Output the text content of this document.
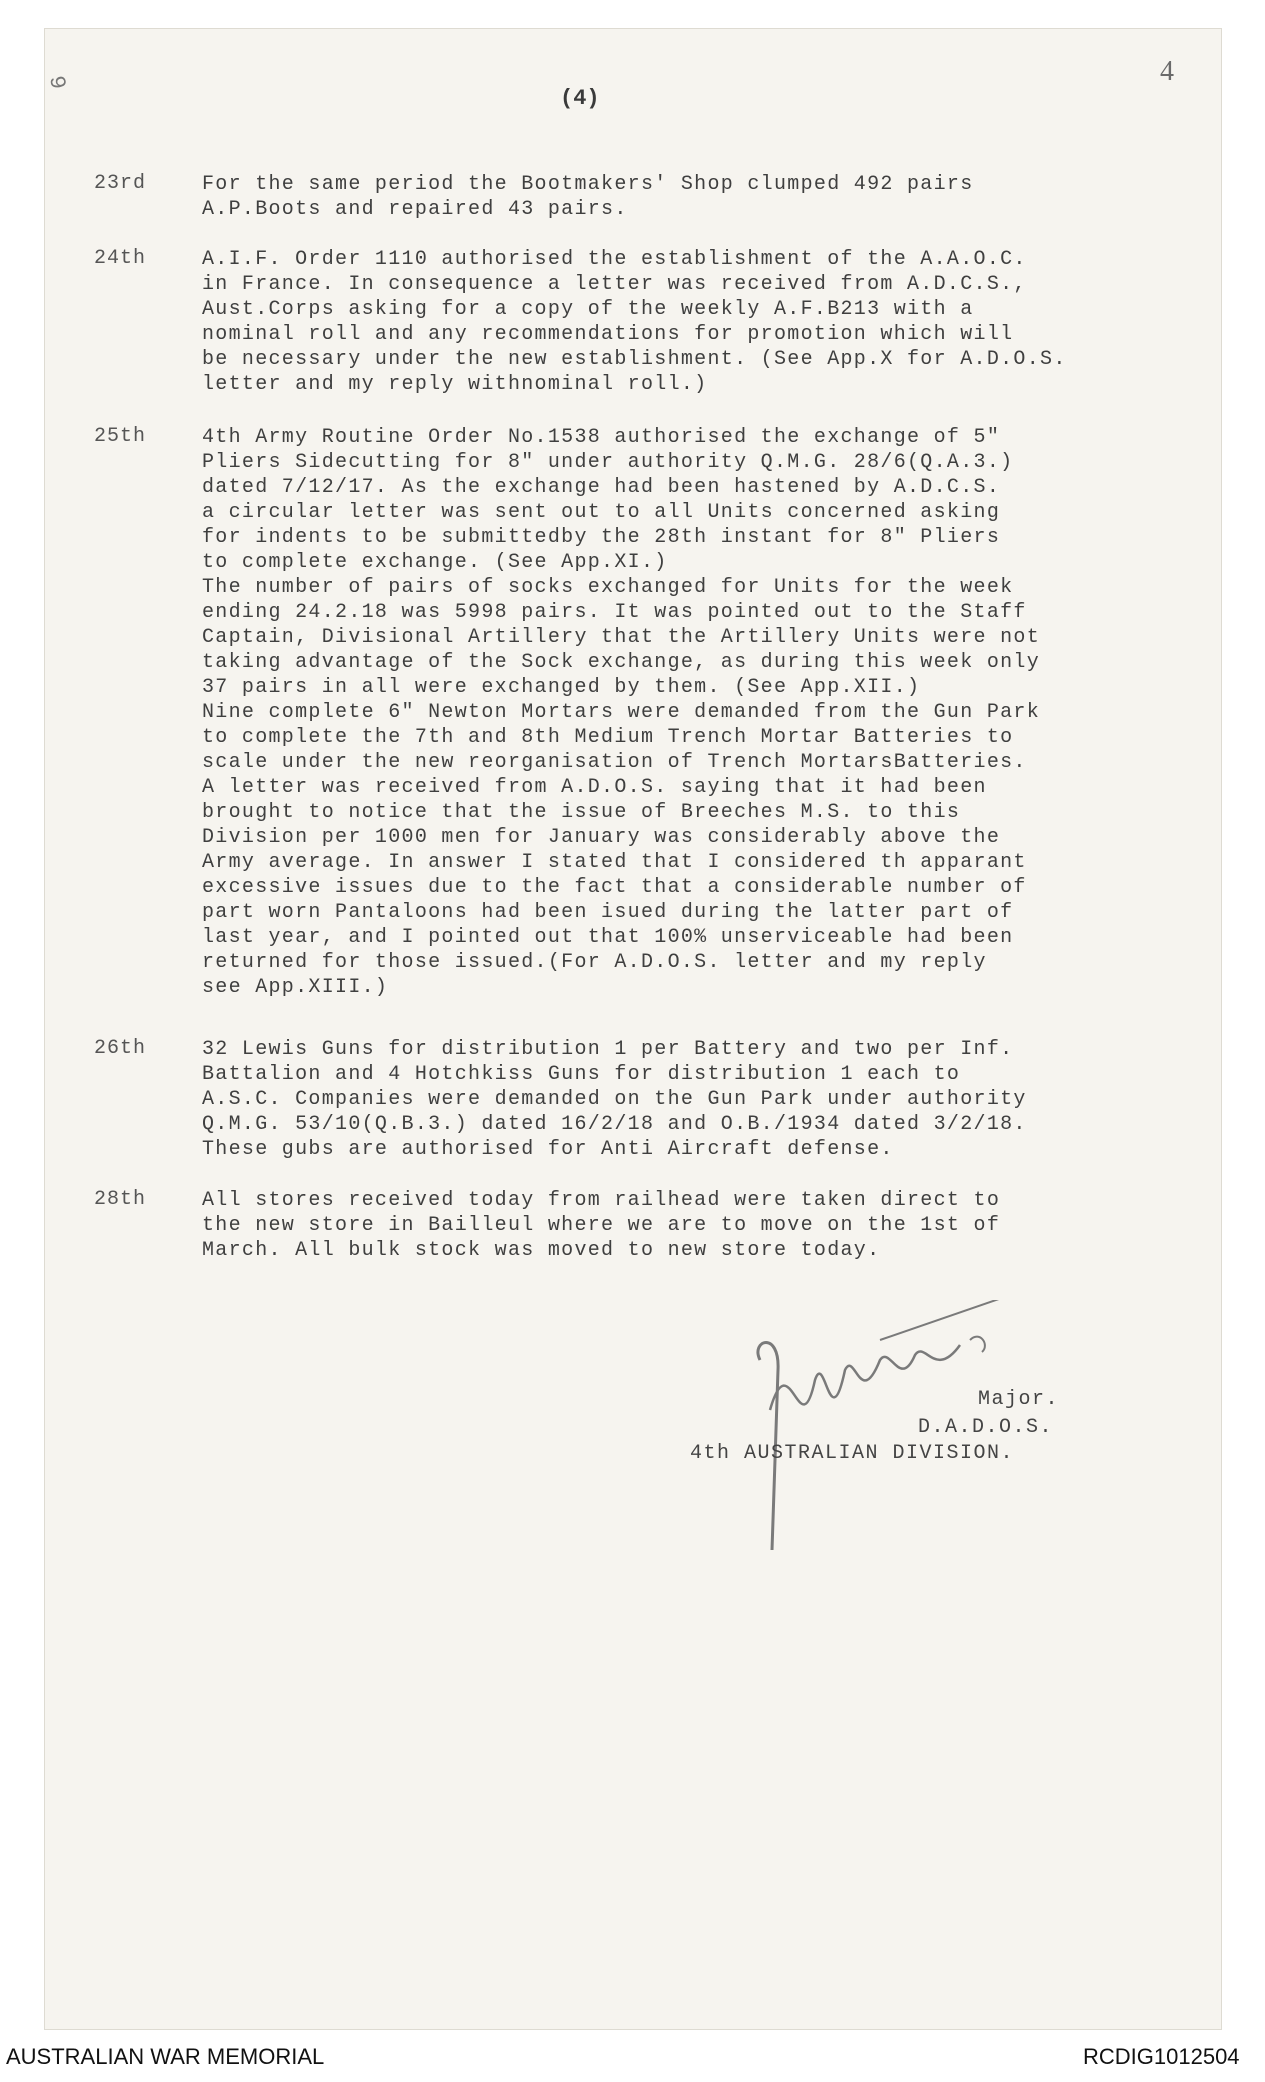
4
(4)
9
23rd	For the same period the Bootmakers' Shop clumped 492 pairs
A.P.Boots and repaired 43 pairs.
24th	A.I.F. Order 1110 authorised the establishment of the A.A.O.C.
in France. In consequence a letter was received from A.D.C.S.,
Aust.Corps asking for a copy of the weekly A.F.B213 with a
nominal roll and any recommendations for promotion which will
be necessary under the new establishment. (See App.X for A.D.O.S.
letter and my reply withnominal roll.)
25th	4th Army Routine Order No.1538 authorised the exchange of 5"
Pliers Sidecutting for 8" under authority Q.M.G. 28/6(Q.A.3.)
dated 7/12/17. As the exchange had been hastened by A.D.C.S.
a circular letter was sent out to all Units concerned asking
for indents to be submittedby the 28th instant for 8" Pliers
to complete exchange. (See App.XI.)
The number of pairs of socks exchanged for Units for the week
ending 24.2.18 was 5998 pairs. It was pointed out to the Staff
Captain, Divisional Artillery that the Artillery Units were not
taking advantage of the Sock exchange, as during this week only
37 pairs in all were exchanged by them. (See App.XII.)
Nine complete 6" Newton Mortars were demanded from the Gun Park
to complete the 7th and 8th Medium Trench Mortar Batteries to
scale under the new reorganisation of Trench MortarsBatteries.
A letter was received from A.D.O.S. saying that it had been
brought to notice that the issue of Breeches M.S. to this
Division per 1000 men for January was considerably above the
Army average. In answer I stated that I considered th apparant
excessive issues due to the fact that a considerable number of
part worn Pantaloons had been isued during the latter part of
last year, and I pointed out that 100% unserviceable had been
returned for those issued.(For A.D.O.S. letter and my reply
see App.XIII.)
26th	32 Lewis Guns for distribution 1 per Battery and two per Inf.
Battalion and 4 Hotchkiss Guns for distribution 1 each to
A.S.C. Companies were demanded on the Gun Park under authority
Q.M.G. 53/10(Q.B.3.) dated 16/2/18 and O.B./1934 dated 3/2/18.
These gubs are authorised for Anti Aircraft defense.
28th	All stores received today from railhead were taken direct to
the new store in Bailleul where we are to move on the 1st of
March. All bulk stock was moved to new store today.
Major.
D.A.D.O.S.
4th AUSTRALIAN DIVISION.
AUSTRALIAN WAR MEMORIAL	RCDIG1012504
